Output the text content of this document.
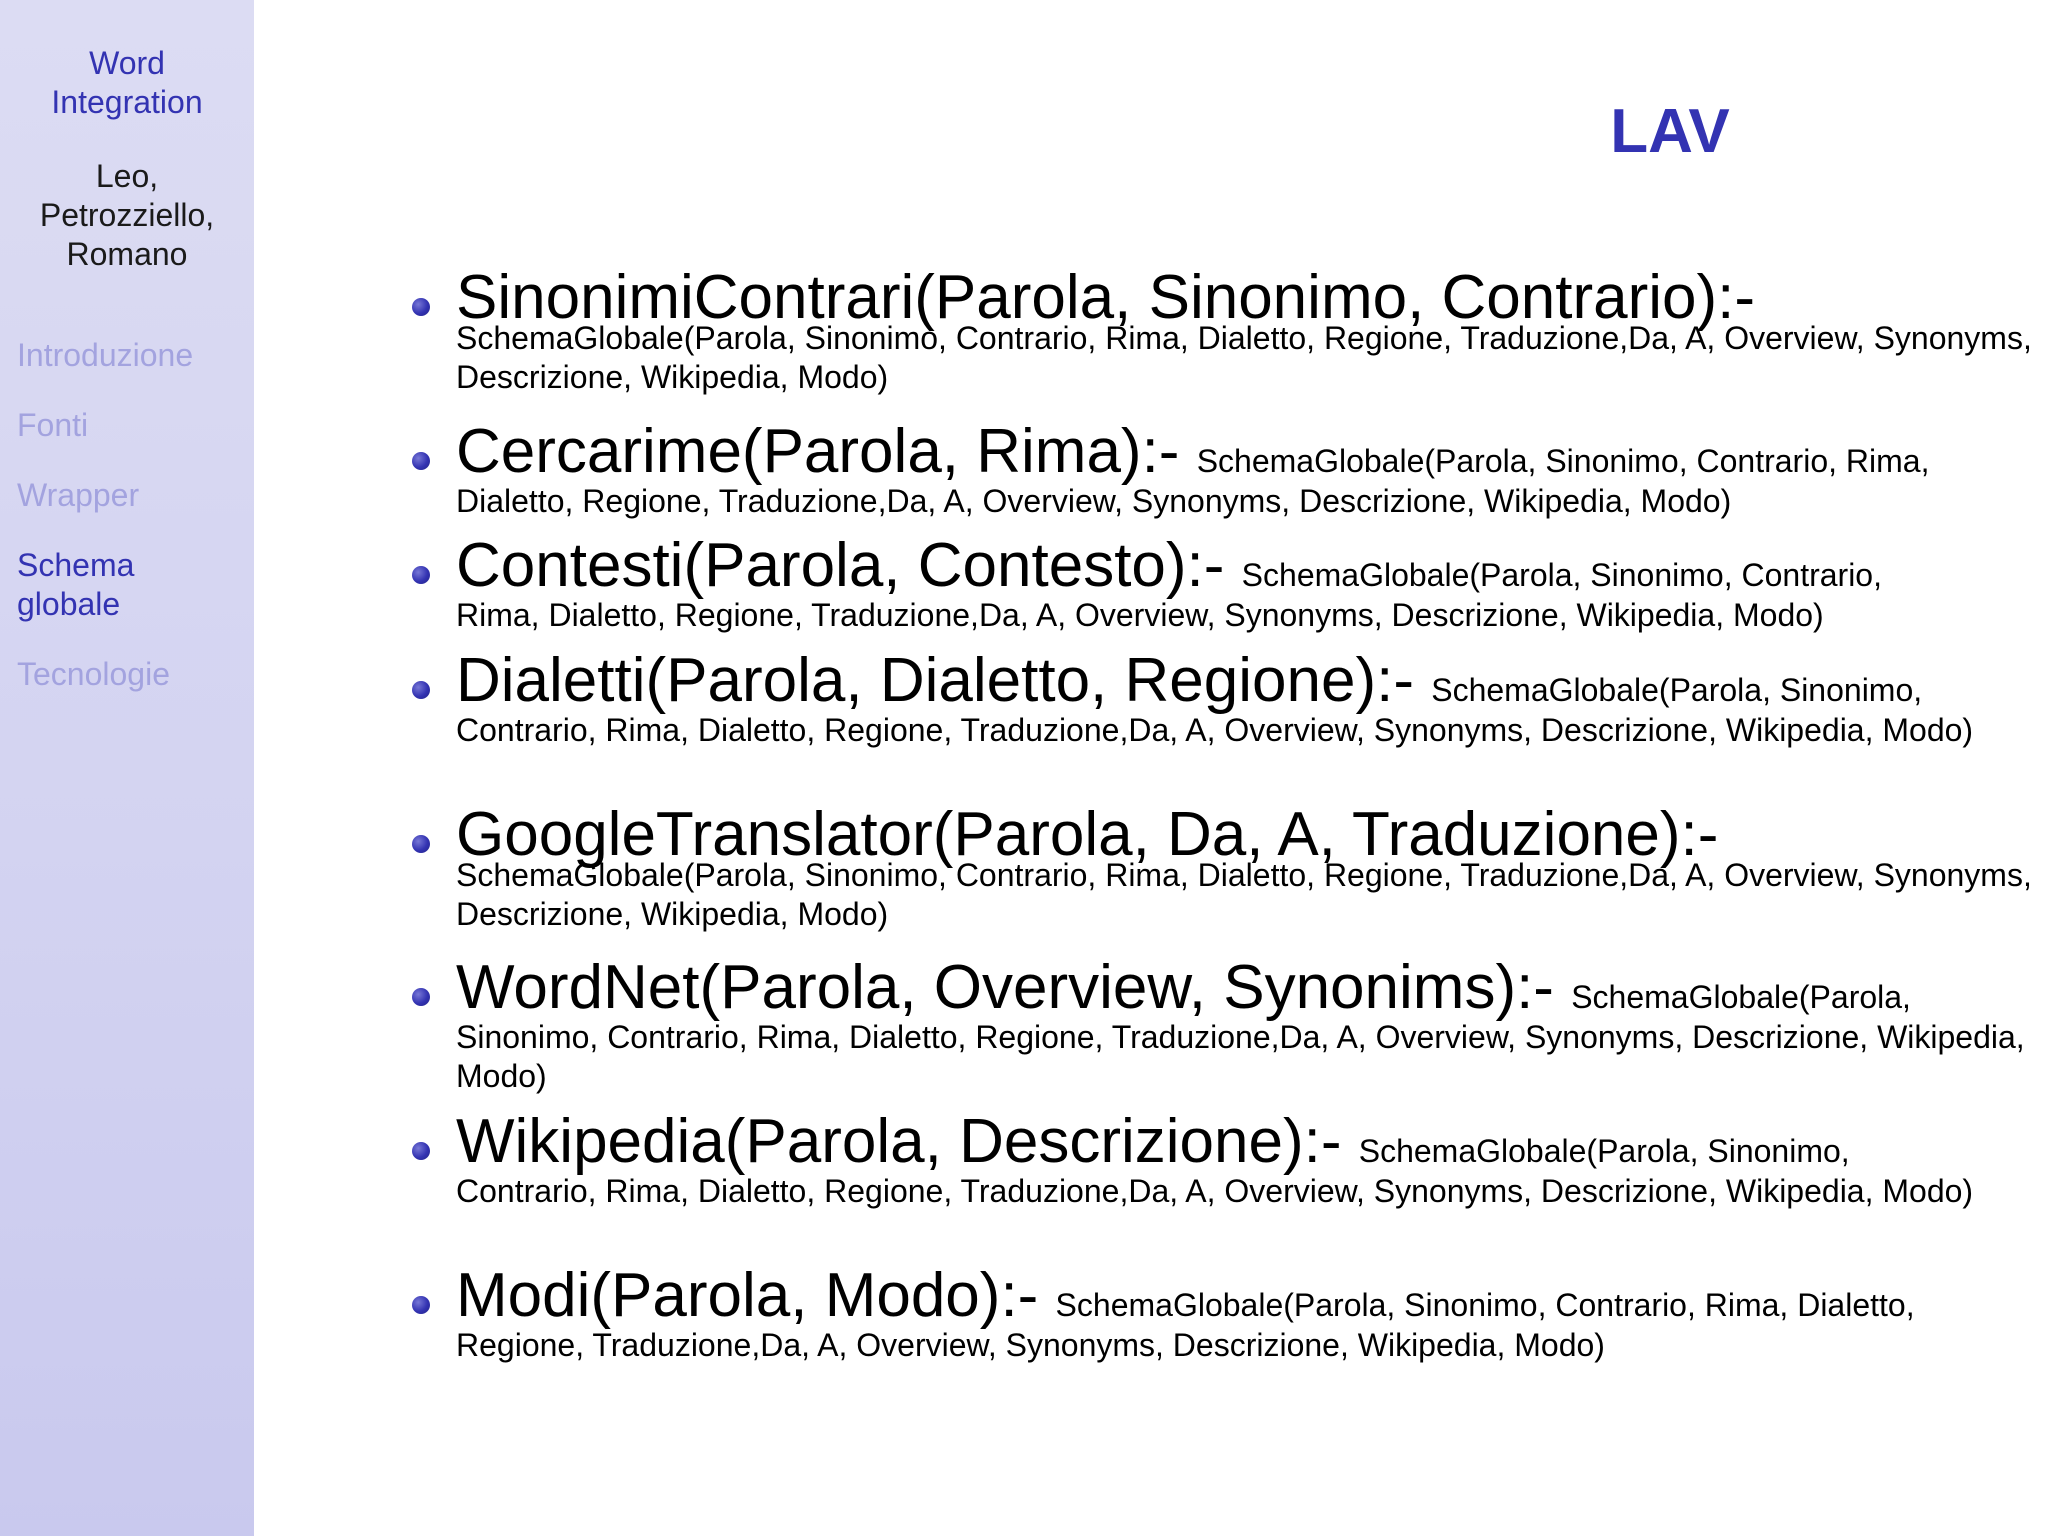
Word
Integration
Leo,
Petrozziello,
Romano
Introduzione
Fonti
Wrapper
Schema
globale
Tecnologie
LAV
SinonimiContrari(Parola, Sinonimo, Contrario):-
SchemaGlobale(Parola, Sinonimo, Contrario, Rima, Dialetto, Regione, Traduzione,Da, A, Overview, Synonyms, Descrizione, Wikipedia, Modo)
Cercarime(Parola, Rima):- SchemaGlobale(Parola, Sinonimo, Contrario, Rima,
Dialetto, Regione, Traduzione,Da, A, Overview, Synonyms, Descrizione, Wikipedia, Modo)
Contesti(Parola, Contesto):- SchemaGlobale(Parola, Sinonimo, Contrario,
Rima, Dialetto, Regione, Traduzione,Da, A, Overview, Synonyms, Descrizione, Wikipedia, Modo)
Dialetti(Parola, Dialetto, Regione):- SchemaGlobale(Parola, Sinonimo,
Contrario, Rima, Dialetto, Regione, Traduzione,Da, A, Overview, Synonyms, Descrizione, Wikipedia, Modo)
GoogleTranslator(Parola, Da, A, Traduzione):-
SchemaGlobale(Parola, Sinonimo, Contrario, Rima, Dialetto, Regione, Traduzione,Da, A, Overview, Synonyms, Descrizione, Wikipedia, Modo)
WordNet(Parola, Overview, Synonims):- SchemaGlobale(Parola,
Sinonimo, Contrario, Rima, Dialetto, Regione, Traduzione,Da, A, Overview, Synonyms, Descrizione, Wikipedia, Modo)
Wikipedia(Parola, Descrizione):- SchemaGlobale(Parola, Sinonimo,
Contrario, Rima, Dialetto, Regione, Traduzione,Da, A, Overview, Synonyms, Descrizione, Wikipedia, Modo)
Modi(Parola, Modo):- SchemaGlobale(Parola, Sinonimo, Contrario, Rima, Dialetto,
Regione, Traduzione,Da, A, Overview, Synonyms, Descrizione, Wikipedia, Modo)
